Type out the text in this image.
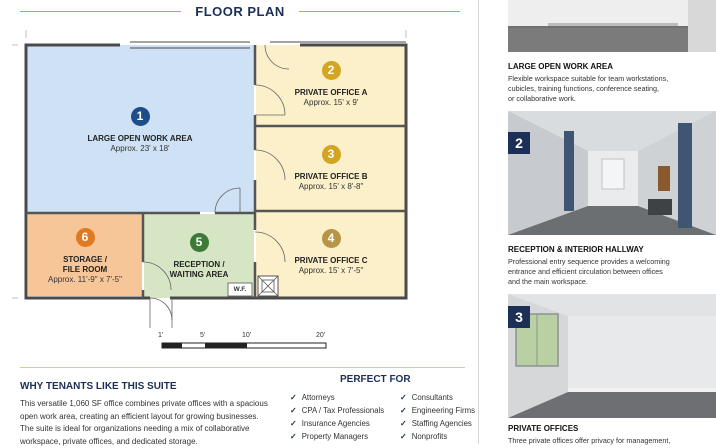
FLOOR PLAN
1'	5'	10'	20'
W.F.
1
LARGE OPEN WORK AREA
Approx. 23' x 18'
2
PRIVATE OFFICE A
Approx. 15' x 9'
3
PRIVATE OFFICE B
Approx. 15' x 8'-8"
4
PRIVATE OFFICE C
Approx. 15' x 7'-5"
5
RECEPTION /
WAITING AREA
6
STORAGE /
FILE ROOM
Approx. 11'-9" x 7'-5"
WHY TENANTS LIKE THIS SUITE
This versatile 1,060 SF office combines private offices with a spacious
open work area, creating an efficient layout for growing businesses.
The suite is ideal for organizations needing a mix of collaborative
workspace, private offices, and dedicated storage.
PERFECT FOR
✓ Attorneys
✓ CPA / Tax Professionals
✓ Insurance Agencies
✓ Property Managers
✓ Consultants
✓ Engineering Firms
✓ Staffing Agencies
✓ Nonprofits
LARGE OPEN WORK AREA
Flexible workspace suitable for team workstations,
cubicles, training functions, conference seating,
or collaborative work.
2
RECEPTION & INTERIOR HALLWAY
Professional entry sequence provides a welcoming
entrance and efficient circulation between offices
and the main workspace.
3
PRIVATE OFFICES
Three private offices offer privacy for management,
